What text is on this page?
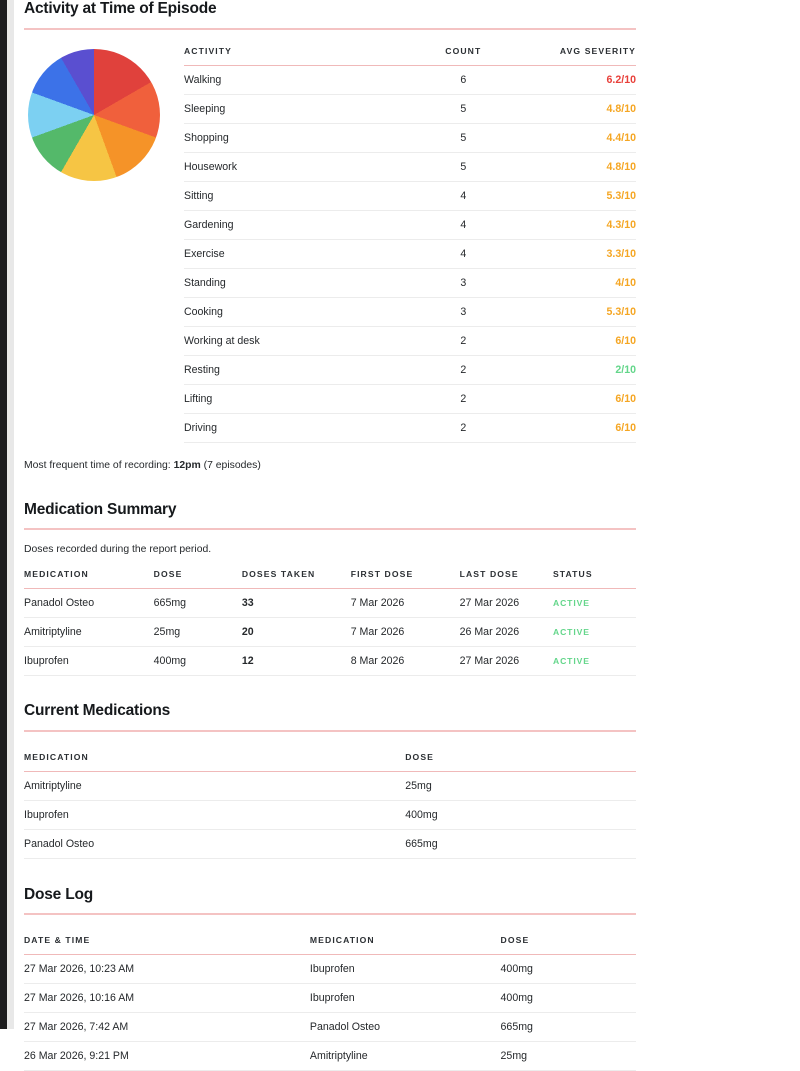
Activity at Time of Episode
ACTIVITY	COUNT	AVG SEVERITY
Walking	6	6.2/10
Sleeping	5	4.8/10
Shopping	5	4.4/10
Housework	5	4.8/10
Sitting	4	5.3/10
Gardening	4	4.3/10
Exercise	4	3.3/10
Standing	3	4/10
Cooking	3	5.3/10
Working at desk	2	6/10
Resting	2	2/10
Lifting	2	6/10
Driving	2	6/10
Most frequent time of recording: 12pm (7 episodes)
Medication Summary
Doses recorded during the report period.
MEDICATION	DOSE	DOSES TAKEN	FIRST DOSE	LAST DOSE	STATUS
Panadol Osteo	665mg	33	7 Mar 2026	27 Mar 2026	ACTIVE
Amitriptyline	25mg	20	7 Mar 2026	26 Mar 2026	ACTIVE
Ibuprofen	400mg	12	8 Mar 2026	27 Mar 2026	ACTIVE
Current Medications
MEDICATION	DOSE
Amitriptyline	25mg
Ibuprofen	400mg
Panadol Osteo	665mg
Dose Log
DATE & TIME	MEDICATION	DOSE
27 Mar 2026, 10:23 AM	Ibuprofen	400mg
27 Mar 2026, 10:16 AM	Ibuprofen	400mg
27 Mar 2026, 7:42 AM	Panadol Osteo	665mg
26 Mar 2026, 9:21 PM	Amitriptyline	25mg
